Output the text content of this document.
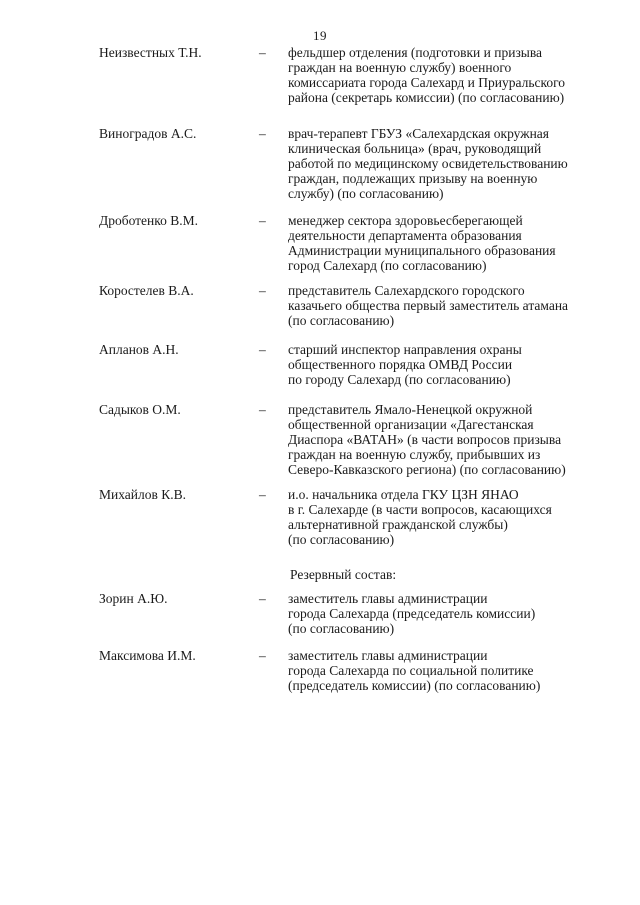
19
Неизвестных Т.Н.	– фельдшер отделения (подготовки и призыва
граждан на военную службу) военного
комиссариата города Салехард и Приуральского
района (секретарь комиссии) (по согласованию)
Виноградов А.С.	– врач-терапевт ГБУЗ «Салехардская окружная
клиническая больница» (врач, руководящий
работой по медицинскому освидетельствованию
граждан, подлежащих призыву на военную
службу) (по согласованию)
Дроботенко В.М.	– менеджер сектора здоровьесберегающей
деятельности департамента образования
Администрации муниципального образования
город Салехард (по согласованию)
Коростелев В.А.	– представитель Салехардского городского
казачьего общества первый заместитель атамана
(по согласованию)
Апланов А.Н.	– старший инспектор направления охраны
общественного порядка ОМВД России
по городу Салехард (по согласованию)
Садыков О.М.	– представитель Ямало-Ненецкой окружной
общественной организации «Дагестанская
Диаспора «ВАТАН» (в части вопросов призыва
граждан на военную службу, прибывших из
Северо-Кавказского региона) (по согласованию)
Михайлов К.В.	– и.о. начальника отдела ГКУ ЦЗН ЯНАО
в г. Салехарде (в части вопросов, касающихся
альтернативной гражданской службы)
(по согласованию)
Резервный состав:
Зорин А.Ю.	– заместитель главы администрации
города Салехарда (председатель комиссии)
(по согласованию)
Максимова И.М.	– заместитель главы администрации
города Салехарда по социальной политике
(председатель комиссии) (по согласованию)
